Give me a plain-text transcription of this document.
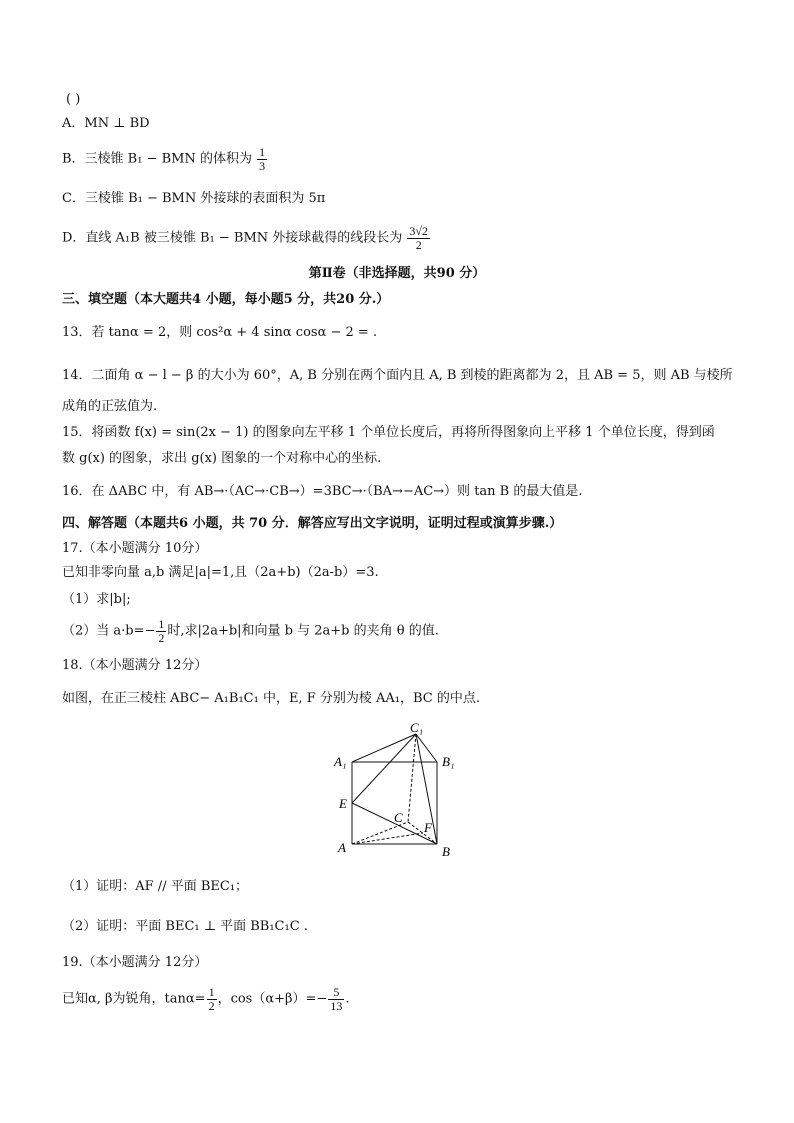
( )
A．MN ⊥ BD
B．三棱锥 B₁ − BMN 的体积为 $\frac{1}{3}$
C．三棱锥 B₁ − BMN 外接球的表面积为 5π
D．直线 A₁B 被三棱锥 B₁ − BMN 外接球截得的线段长为 $\frac{3√2}{2}$
第Ⅱ卷（非选择题，共90 分）
三、填空题（本大题共4 小题，每小题5 分，共20 分.）
13．若 tanα = 2，则 cos²α + 4 sinα cosα − 2 = .
14．二面角 α − l − β 的大小为 60°，A, B 分别在两个面内且 A, B 到棱的距离都为 2，且 AB = 5，则 AB 与棱所
成角的正弦值为.
15．将函数 f(x) = sin(2x − 1) 的图象向左平移 1 个单位长度后，再将所得图象向上平移 1 个单位长度，得到函
数 g(x) 的图象，求出 g(x) 图象的一个对称中心的坐标.
16．在 ΔABC 中，有 AB→·（AC→·CB→）=3BC→·（BA→−AC→）则 tan B 的最大值是.
四、解答题（本题共6 小题，共 70 分．解答应写出文字说明，证明过程或演算步骤.）
17.（本小题满分 10分）
已知非零向量 a,b 满足|a|=1,且（2a+b)（2a-b）=3.
（1）求|b|;
（2）当 $a\cdot b=- \frac{1}{2}$ 时,求|2a+b|和向量 b 与 2a+b 的夹角 θ 的值.
18.（本小题满分 12分）
如图，在正三棱柱 ABC− A₁B₁C₁ 中，E, F 分别为棱 AA₁，BC 的中点.
C₁
A₁	B₁
E
C
F
A	B
（1）证明：AF // 平面 BEC₁；
（2）证明：平面 BEC₁ ⊥ 平面 BB₁C₁C .
19.（本小题满分 12分）
已知α, β为锐角，$\tan\alpha= \frac{1}{2}$ ，$\cos(\alpha+\beta)=- \frac{5}{13}$ .
